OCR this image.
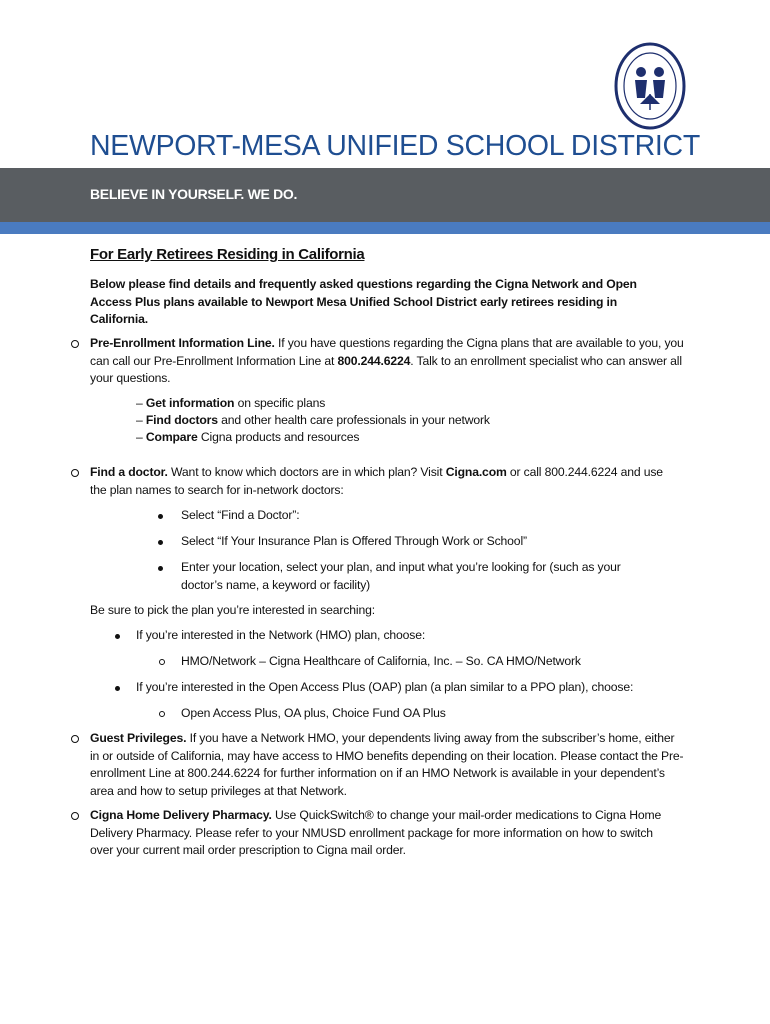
NEWPORT-MESA UNIFIED SCHOOL DISTRICT
BELIEVE IN YOURSELF. WE DO.
For Early Retirees Residing in California
Below please find details and frequently asked questions regarding the Cigna Network and Open Access Plus plans available to Newport Mesa Unified School District early retirees residing in California.
Pre-Enrollment Information Line. If you have questions regarding the Cigna plans that are available to you, you can call our Pre-Enrollment Information Line at 800.244.6224. Talk to an enrollment specialist who can answer all your questions.
– Get information on specific plans
– Find doctors and other health care professionals in your network
– Compare Cigna products and resources
Find a doctor. Want to know which doctors are in which plan? Visit Cigna.com or call 800.244.6224 and use the plan names to search for in-network doctors:
Select “Find a Doctor”:
Select “If Your Insurance Plan is Offered Through Work or School”
Enter your location, select your plan, and input what you’re looking for (such as your
doctor’s name, a keyword or facility)
Be sure to pick the plan you’re interested in searching:
If you’re interested in the Network (HMO) plan, choose:
HMO/Network – Cigna Healthcare of California, Inc. – So. CA HMO/Network
If you’re interested in the Open Access Plus (OAP) plan (a plan similar to a PPO plan), choose:
Open Access Plus, OA plus, Choice Fund OA Plus
Guest Privileges. If you have a Network HMO, your dependents living away from the subscriber’s home, either in or outside of California, may have access to HMO benefits depending on their location. Please contact the Pre-enrollment Line at 800.244.6224 for further information on if an HMO Network is available in your dependent’s area and how to setup privileges at that Network.
Cigna Home Delivery Pharmacy. Use QuickSwitch® to change your mail-order medications to Cigna Home Delivery Pharmacy. Please refer to your NMUSD enrollment package for more information on how to switch over your current mail order prescription to Cigna mail order.
